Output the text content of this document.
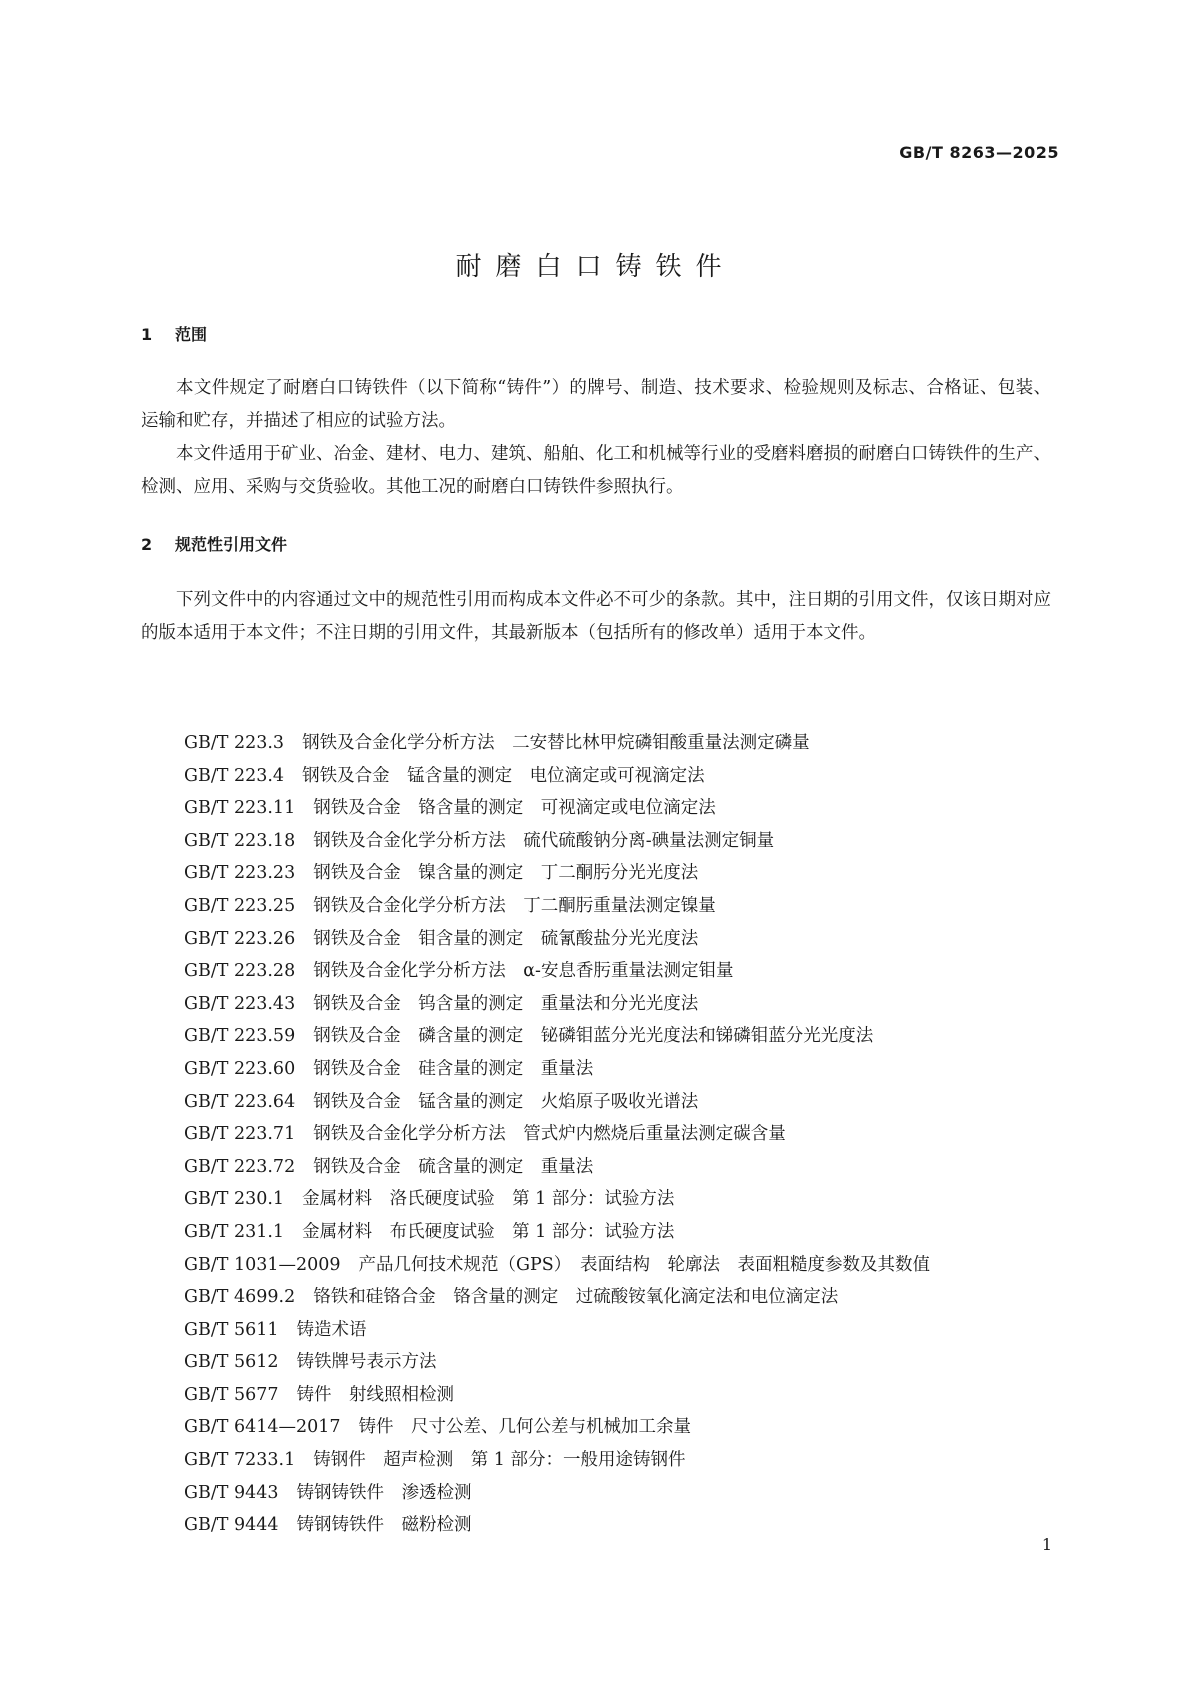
GB/T 8263—2025

耐磨白口铸铁件
1 范围

本文件规定了耐磨白口铸铁件（以下简称“铸件”）的牌号、制造、技术要求、检验规则及标志、合格证、包装、运输和贮存，并描述了相应的试验方法。

本文件适用于矿业、冶金、建材、电力、建筑、船舶、化工和机械等行业的受磨料磨损的耐磨白口铸铁件的生产、检测、应用、采购与交货验收。其他工况的耐磨白口铸铁件参照执行。

2 规范性引用文件

下列文件中的内容通过文中的规范性引用而构成本文件必不可少的条款。其中，注日期的引用文件，仅该日期对应的版本适用于本文件；不注日期的引用文件，其最新版本（包括所有的修改单）适用于本文件。

GB/T 223.3 钢铁及合金化学分析方法　二安替比林甲烷磷钼酸重量法测定磷量
GB/T 223.4 钢铁及合金　锰含量的测定　电位滴定或可视滴定法
GB/T 223.11 钢铁及合金　铬含量的测定　可视滴定或电位滴定法
GB/T 223.18 钢铁及合金化学分析方法　硫代硫酸钠分离-碘量法测定铜量
GB/T 223.23 钢铁及合金　镍含量的测定　丁二酮肟分光光度法
GB/T 223.25 钢铁及合金化学分析方法　丁二酮肟重量法测定镍量
GB/T 223.26 钢铁及合金　钼含量的测定　硫氰酸盐分光光度法
GB/T 223.28 钢铁及合金化学分析方法　α-安息香肟重量法测定钼量
GB/T 223.43 钢铁及合金　钨含量的测定　重量法和分光光度法
GB/T 223.59 钢铁及合金　磷含量的测定　铋磷钼蓝分光光度法和锑磷钼蓝分光光度法
GB/T 223.60 钢铁及合金　硅含量的测定　重量法
GB/T 223.64 钢铁及合金　锰含量的测定　火焰原子吸收光谱法
GB/T 223.71 钢铁及合金化学分析方法　管式炉内燃烧后重量法测定碳含量
GB/T 223.72 钢铁及合金　硫含量的测定　重量法
GB/T 230.1 金属材料　洛氏硬度试验　第 1 部分：试验方法
GB/T 231.1 金属材料　布氏硬度试验　第 1 部分：试验方法
GB/T 1031—2009 产品几何技术规范（GPS）　表面结构　轮廓法　表面粗糙度参数及其数值
GB/T 4699.2 铬铁和硅铬合金　铬含量的测定　过硫酸铵氧化滴定法和电位滴定法
GB/T 5611 铸造术语
GB/T 5612 铸铁牌号表示方法
GB/T 5677 铸件　射线照相检测
GB/T 6414—2017 铸件　尺寸公差、几何公差与机械加工余量
GB/T 7233.1 铸钢件　超声检测　第 1 部分：一般用途铸钢件
GB/T 9443 铸钢铸铁件　渗透检测
GB/T 9444 铸钢铸铁件　磁粉检测

1
